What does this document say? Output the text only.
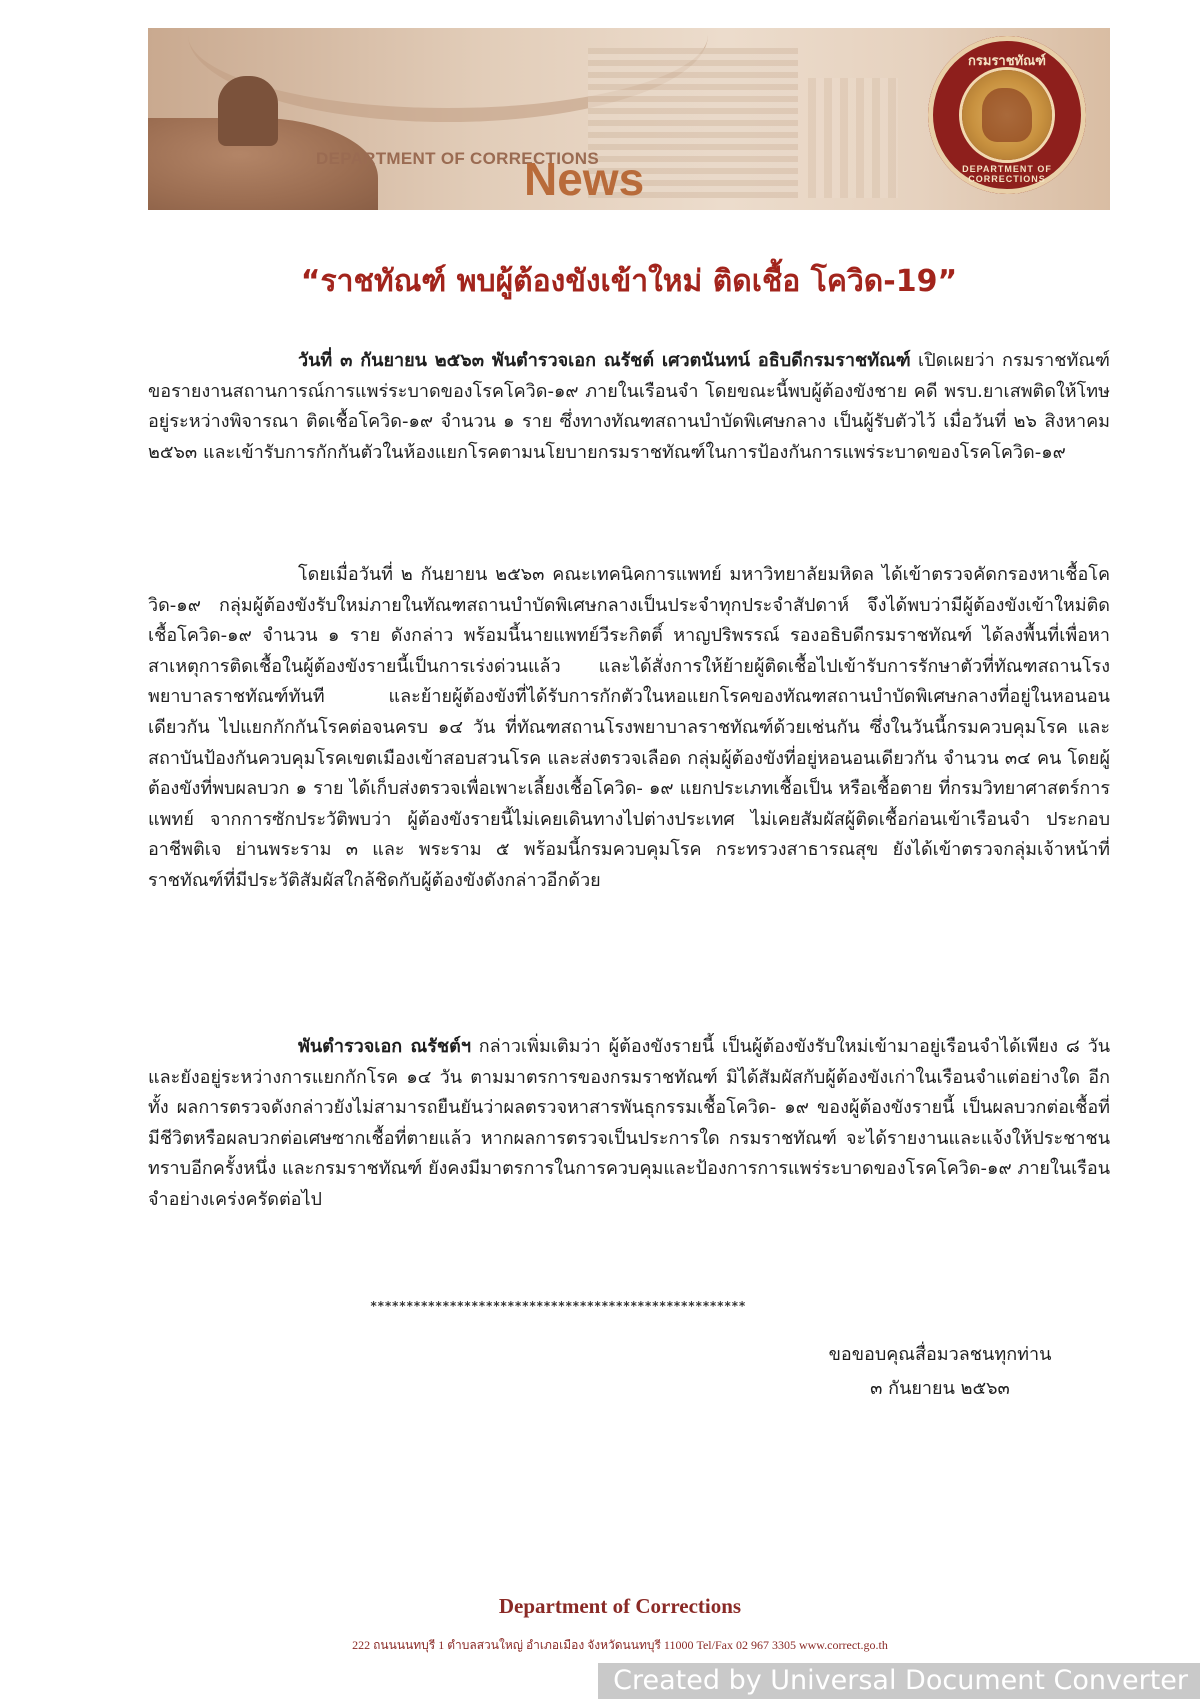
DEPARTMENT OF CORRECTIONS
News
กรมราชทัณฑ์
DEPARTMENT OF CORRECTIONS
“ราชทัณฑ์ พบผู้ต้องขังเข้าใหม่ ติดเชื้อ โควิด-19”
วันที่ ๓ กันยายน ๒๕๖๓ พันตำรวจเอก ณรัชต์ เศวตนันทน์ อธิบดีกรมราชทัณฑ์ เปิดเผยว่า กรมราชทัณฑ์ขอรายงานสถานการณ์การแพร่ระบาดของโรคโควิด-๑๙ ภายในเรือนจำ โดยขณะนี้พบผู้ต้องขังชาย คดี พรบ.ยาเสพติดให้โทษ อยู่ระหว่างพิจารณา ติดเชื้อโควิด-๑๙ จำนวน ๑ ราย ซึ่งทางทัณฑสถานบำบัดพิเศษกลาง เป็นผู้รับตัวไว้ เมื่อวันที่ ๒๖ สิงหาคม ๒๕๖๓ และเข้ารับการกักกันตัวในห้องแยกโรคตามนโยบายกรมราชทัณฑ์ในการป้องกันการแพร่ระบาดของโรคโควิด-๑๙
โดยเมื่อวันที่ ๒ กันยายน ๒๕๖๓ คณะเทคนิคการแพทย์ มหาวิทยาลัยมหิดล ได้เข้าตรวจคัดกรองหาเชื้อโควิด-๑๙ กลุ่มผู้ต้องขังรับใหม่ภายในทัณฑสถานบำบัดพิเศษกลางเป็นประจำทุกประจำสัปดาห์ จึงได้พบว่ามีผู้ต้องขังเข้าใหม่ติดเชื้อโควิด-๑๙ จำนวน ๑ ราย ดังกล่าว พร้อมนี้นายแพทย์วีระกิตติ์ หาญปริพรรณ์ รองอธิบดีกรมราชทัณฑ์ ได้ลงพื้นที่เพื่อหาสาเหตุการติดเชื้อในผู้ต้องขังรายนี้เป็นการเร่งด่วนแล้ว และได้สั่งการให้ย้ายผู้ติดเชื้อไปเข้ารับการรักษาตัวที่ทัณฑสถานโรงพยาบาลราชทัณฑ์ทันที และย้ายผู้ต้องขังที่ได้รับการกักตัวในหอแยกโรคของทัณฑสถานบำบัดพิเศษกลางที่อยู่ในหอนอนเดียวกัน ไปแยกกักกันโรคต่อจนครบ ๑๔ วัน ที่ทัณฑสถานโรงพยาบาลราชทัณฑ์ด้วยเช่นกัน ซึ่งในวันนี้กรมควบคุมโรค และสถาบันป้องกันควบคุมโรคเขตเมืองเข้าสอบสวนโรค และส่งตรวจเลือด กลุ่มผู้ต้องขังที่อยู่หอนอนเดียวกัน จำนวน ๓๔ คน โดยผู้ต้องขังที่พบผลบวก ๑ ราย ได้เก็บส่งตรวจเพื่อเพาะเลี้ยงเชื้อโควิด- ๑๙ แยกประเภทเชื้อเป็น หรือเชื้อตาย ที่กรมวิทยาศาสตร์การแพทย์ จากการซักประวัติพบว่า ผู้ต้องขังรายนี้ไม่เคยเดินทางไปต่างประเทศ ไม่เคยสัมผัสผู้ติดเชื้อก่อนเข้าเรือนจำ ประกอบอาชีพติเจ ย่านพระราม ๓ และ พระราม ๕ พร้อมนี้กรมควบคุมโรค กระทรวงสาธารณสุข ยังได้เข้าตรวจกลุ่มเจ้าหน้าที่ราชทัณฑ์ที่มีประวัติสัมผัสใกล้ชิดกับผู้ต้องขังดังกล่าวอีกด้วย
พันตำรวจเอก ณรัชต์ฯ กล่าวเพิ่มเติมว่า ผู้ต้องขังรายนี้ เป็นผู้ต้องขังรับใหม่เข้ามาอยู่เรือนจำได้เพียง ๘ วัน และยังอยู่ระหว่างการแยกกักโรค ๑๔ วัน ตามมาตรการของกรมราชทัณฑ์ มิได้สัมผัสกับผู้ต้องขังเก่าในเรือนจำแต่อย่างใด อีกทั้ง ผลการตรวจดังกล่าวยังไม่สามารถยืนยันว่าผลตรวจหาสารพันธุกรรมเชื้อโควิด- ๑๙ ของผู้ต้องขังรายนี้ เป็นผลบวกต่อเชื้อที่มีชีวิตหรือผลบวกต่อเศษซากเชื้อที่ตายแล้ว หากผลการตรวจเป็นประการใด กรมราชทัณฑ์ จะได้รายงานและแจ้งให้ประชาชนทราบอีกครั้งหนึ่ง และกรมราชทัณฑ์ ยังคงมีมาตรการในการควบคุมและป้องการการแพร่ระบาดของโรคโควิด-๑๙ ภายในเรือนจำอย่างเคร่งครัดต่อไป
****************************************************
ขอขอบคุณสื่อมวลชนทุกท่าน
๓ กันยายน ๒๕๖๓
Department of Corrections
222 ถนนนนทบุรี 1 ตำบลสวนใหญ่ อำเภอเมือง จังหวัดนนทบุรี 11000 Tel/Fax 02 967 3305 www.correct.go.th
Created by Universal Document Converter
